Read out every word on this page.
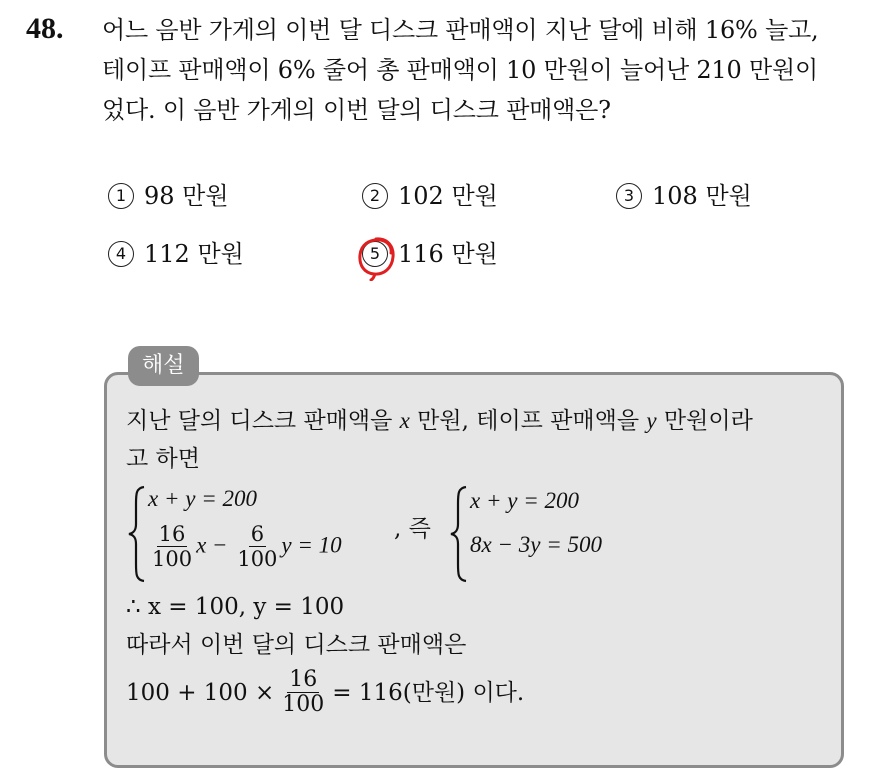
48. 어느 음반 가게의 이번 달 디스크 판매액이 지난 달에 비해 16% 늘고,
테이프 판매액이 6% 줄어 총 판매액이 10 만원이 늘어난 210 만원이
었다. 이 음반 가게의 이번 달의 디스크 판매액은?
1 98 만원	2 102 만원	3 108 만원
4 112 만원	5 116 만원
해설
지난 달의 디스크 판매액을 x 만원, 테이프 판매액을 y 만원이라
고 하면
x + y = 200
$\frac{16}{100}$ $x - \frac{6}{100}$ y = 10
, 즉
x + y = 200
8x − 3y = 500
∴ x = 100, y = 100
따라서 이번 달의 디스크 판매액은
$100 + 100 \times \frac{16}{100} = 116$(만원) 이다.
